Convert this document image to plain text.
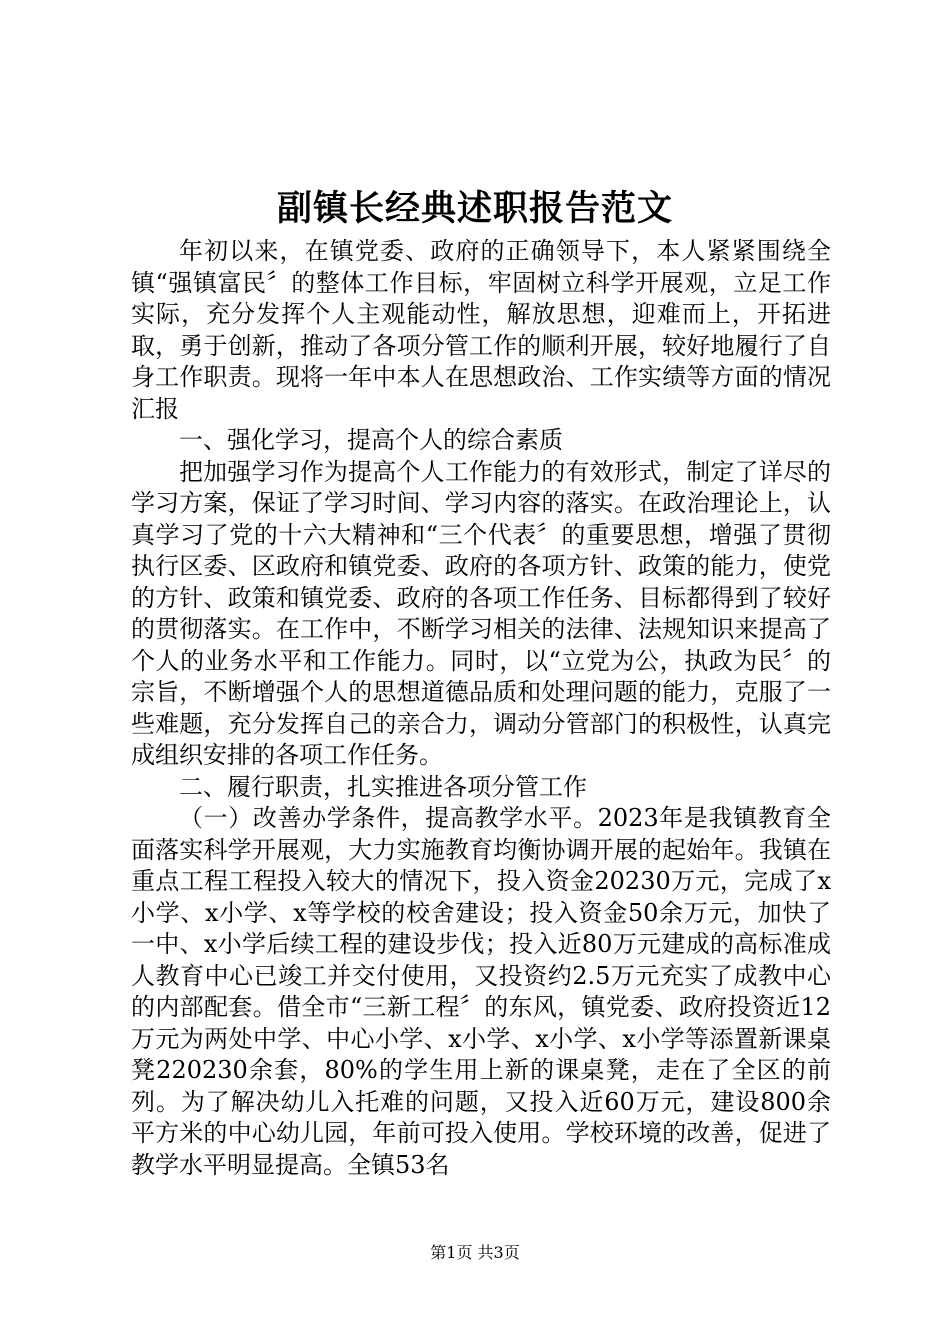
副镇长经典述职报告范文

年初以来，在镇党委、政府的正确领导下，本人紧紧围绕全镇“强镇富民〞的整体工作目标，牢固树立科学开展观，立足工作实际，充分发挥个人主观能动性，解放思想，迎难而上，开拓进取，勇于创新，推动了各项分管工作的顺利开展，较好地履行了自身工作职责。现将一年中本人在思想政治、工作实绩等方面的情况汇报

一、强化学习，提高个人的综合素质

把加强学习作为提高个人工作能力的有效形式，制定了详尽的学习方案，保证了学习时间、学习内容的落实。在政治理论上，认真学习了党的十六大精神和“三个代表〞的重要思想，增强了贯彻执行区委、区政府和镇党委、政府的各项方针、政策的能力，使党的方针、政策和镇党委、政府的各项工作任务、目标都得到了较好的贯彻落实。在工作中，不断学习相关的法律、法规知识来提高了个人的业务水平和工作能力。同时，以“立党为公，执政为民〞的宗旨，不断增强个人的思想道德品质和处理问题的能力，克服了一些难题，充分发挥自己的亲合力，调动分管部门的积极性，认真完成组织安排的各项工作任务。

二、履行职责，扎实推进各项分管工作

（一）改善办学条件，提高教学水平。2023年是我镇教育全面落实科学开展观，大力实施教育均衡协调开展的起始年。我镇在重点工程工程投入较大的情况下，投入资金20230万元，完成了x小学、x小学、x等学校的校舍建设；投入资金50余万元，加快了一中、x小学后续工程的建设步伐；投入近80万元建成的高标准成人教育中心已竣工并交付使用，又投资约2.5万元充实了成教中心的内部配套。借全市“三新工程〞的东风，镇党委、政府投资近12万元为两处中学、中心小学、x小学、x小学、x小学等添置新课桌凳220230余套，80%的学生用上新的课桌凳，走在了全区的前列。为了解决幼儿入托难的问题，又投入近60万元，建设800余平方米的中心幼儿园，年前可投入使用。学校环境的改善，促进了教学水平明显提高。全镇53名

第1页 共3页
